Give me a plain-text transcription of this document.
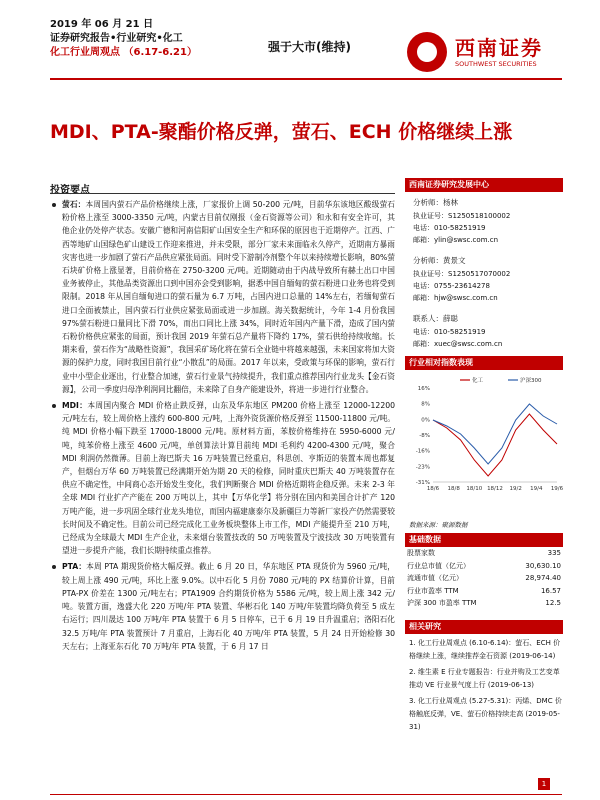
2019 年 06 月 21 日
证券研究报告•行业研究•化工
化工行业周观点 （6.17-6.21）	强于大市(维持)	西南证券
SOUTHWEST SECURITIES
MDI、PTA-聚酯价格反弹，萤石、ECH 价格继续上涨
投资要点
萤石：本周国内萤石产品价格继续上涨，厂家报价上调 50-200 元/吨，目前华东该地区酸级萤石粉价格上涨至 3000-3350 元/吨，内蒙古目前仅刚报（金石资源等公司）和永和有安全许可，其他企业仍处停产状态。安徽广德和河南信阳矿山国安全生产和环保的原因也于近期停产。江西、广西等地矿山国绿色矿山建设工作迎来推进，并未受限，部分厂家未来面临永久停产，近期南方暴雨灾害也进一步加剧了萤石产品供应紧张局面。同时受下游制冷剂整个年以来持续增长影响，80%萤石块矿价格上涨显著，目前价格在 2750-3200 元/吨。近期随动由于内战导致所有赫土出口中国业务被停止，其他品类资源出口到中国亦会受到影响，据悉中国自缅甸的萤石粉进口业务也将受到限制。2018 年从国自缅甸进口的萤石量为 6.7 万吨，占国内进口总量的 14%左右，若缅甸萤石进口全面被禁止，国内萤石行业供应紧张局面或进一步加剧。海关数据统计，今年 1-4 月份我国 97%萤石粉进口量同比下滑 70%，而出口同比上涨 34%，同时近年国内产量下滑，造成了国内萤石粉价格供应紧张的局面，预计我国 2019 年萤石总产量将下降约 17%，萤石供给持续收缩。长期来看，萤石作为“战略性资源”，我国采矿场化将在萤石全业链中将越来越强，未来国家将加大资源的保护力度，同时我国目前行业“小散乱”的局面。2017 年以来，受政策与环保的影响，萤石行业中小型企业逐出，行业整合加速，萤石行业景气持续提升，我们重点推荐国内行业龙头【金石资源】，公司一季度归母净利润同比翻倍，未来除了自身产能建设外，将进一步进行行业整合。
MDI：本周国内聚合 MDI 价格止跌反弹，山东及华东地区 PM200 价格上涨至 12000-12200 元/吨左右，较上周价格上涨约 600-800 元/吨，上海外资货源价格反弹至 11500-11800 元/吨。纯 MDI 价格小幅下跌至 17000-18000 元/吨。原材料方面，苯胺价格维持在 5950-6000 元/吨，纯苯价格上涨至 4600 元/吨，单创算法计算目前纯 MDI 毛利约 4200-4300 元/吨，聚合 MDI 利润仍然微薄。目前上海巴斯夫 16 万吨装置已经重启，科思创、亨斯迈的装置本周也都复产，但烟台万华 60 万吨装置已经满期开始为期 20 天的检修，同时重庆巴斯夫 40 万吨装置存在供应不确定性，中间商心态开始发生变化，我们判断聚合 MDI 价格近期将企稳反弹。未来 2-3 年全球 MDI 行业扩产产能在 200 万吨以上，其中【万华化学】将分别在国内和美国合计扩产 120 万吨产能，进一步巩固全球行业龙头地位，而国内福建康泰尔及新疆巨力等新厂家投产仍然需要较长时间及不确定性。目前公司已经完成化工业务板块整体上市工作，MDI 产能提升至 210 万吨，已经成为全球最大 MDI 生产企业，未来烟台装置技改的 50 万吨装置及宁波技改 30 万吨装置有望进一步提升产能，我们长期持续重点推荐。
PTA：本周 PTA 期现货价格大幅反弹。截止 6 月 20 日，华东地区 PTA 现货价为 5960 元/吨，较上周上涨 490 元/吨，环比上涨 9.0%。以中石化 5 月份 7080 元/吨的 PX 结算价计算，目前 PTA-PX 价差在 1300 元/吨左右；PTA1909 合约期货价格为 5586 元/吨，较上周上涨 342 元/吨。装置方面，逸盛大化 220 万吨/年 PTA 装置、华彬石化 140 万吨/年装置均降负荷至 5 成左右运行；四川晟达 100 万吨/年 PTA 装置于 6 月 5 日停车，已于 6 月 19 日升温重启；洛阳石化 32.5 万吨/年 PTA 装置预计 7 月重启，上海石化 40 万吨/年 PTA 装置，5 月 24 日开始检修 30 天左右；上海亚东石化 70 万吨/年 PTA 装置，于 6 月 17 日
西南证券研究发展中心
分析师：杨林
执业证号：S1250518100002
电话：010-58251919
邮箱：ylin@swsc.com.cn
分析师：黄景文
执业证号：S1250517070002
电话：0755-23614278
邮箱：hjw@swsc.com.cn
联系人：薛聪
电话：010-58251919
邮箱：xuec@swsc.com.cn
行业相对指数表现
16%
8%
0%
-8%
-16%
-23%
-31%
18/6 18/8 18/10 18/12 19/2 19/4 19/6
化工	沪深300
数据来源：聚源数据
基础数据
股票家数	335
行业总市值（亿元）	30,630.10
流通市值（亿元）	28,974.40
行业市盈率 TTM	16.57
沪深 300 市盈率 TTM	12.5
相关研究
1. 化工行业周观点 (6.10-6.14)：萤石、ECH 价格继续上涨，继续推荐金石资源 (2019-06-14)
2. 维生素 E 行业专题报告：行业并购及工艺变革推动 VE 行业景气度上行 (2019-06-13)
3. 化工行业周观点 (5.27-5.31)：丙烯、DMC 价格触底反弹，VE、萤石价格持续走高 (2019-05-31)
1
